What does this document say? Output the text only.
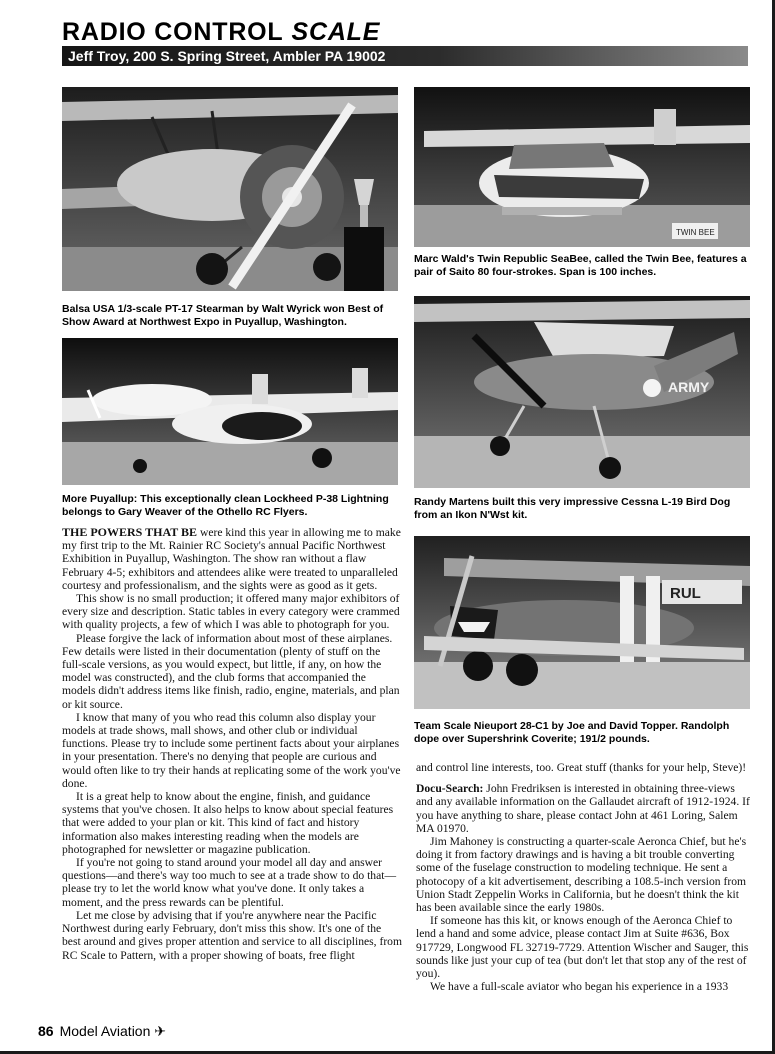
RADIO CONTROL SCALE
Jeff Troy, 200 S. Spring Street, Ambler PA 19002
TWIN BEE
ARMY
RUL
Balsa USA 1/3-scale PT-17 Stearman by Walt Wyrick won Best of Show Award at Northwest Expo in Puyallup, Washington.
Marc Wald's Twin Republic SeaBee, called the Twin Bee, features a pair of Saito 80 four-strokes. Span is 100 inches.
More Puyallup: This exceptionally clean Lockheed P-38 Lightning belongs to Gary Weaver of the Othello RC Flyers.
Randy Martens built this very impressive Cessna L-19 Bird Dog from an Ikon N'Wst kit.
Team Scale Nieuport 28-C1 by Joe and David Topper. Randolph dope over Supershrink Coverite; 191/2 pounds.

THE POWERS THAT BE were kind this year in allowing me to make my first trip to the Mt. Rainier RC Society's annual Pacific Northwest Exhibition in Puyallup, Washington. The show ran without a flaw February 4-5; exhibitors and attendees alike were treated to unparalleled courtesy and professionalism, and the sights were as good as it gets.

This show is no small production; it offered many major exhibitors of every size and description. Static tables in every category were crammed with quality projects, a few of which I was able to photograph for you.

Please forgive the lack of information about most of these airplanes. Few details were listed in their documentation (plenty of stuff on the full-scale versions, as you would expect, but little, if any, on how the model was constructed), and the club forms that accompanied the models didn't address items like finish, radio, engine, materials, and plan or kit source.

I know that many of you who read this column also display your models at trade shows, mall shows, and other club or individual functions. Please try to include some pertinent facts about your airplanes in your presentation. There's no denying that people are curious and would often like to try their hands at replicating some of the work you've done.

It is a great help to know about the engine, finish, and guidance systems that you've chosen. It also helps to know about special features that were added to your plan or kit. This kind of fact and history information also makes interesting reading when the models are photographed for newsletter or magazine publication.

If you're not going to stand around your model all day and answer questions—and there's way too much to see at a trade show to do that—please try to let the world know what you've done. It only takes a moment, and the press rewards can be plentiful.

Let me close by advising that if you're anywhere near the Pacific Northwest during early February, don't miss this show. It's one of the best around and gives proper attention and service to all disciplines, from RC Scale to Pattern, with a proper showing of boats, free flight

and control line interests, too. Great stuff (thanks for your help, Steve)!

Docu-Search: John Fredriksen is interested in obtaining three-views and any available information on the Gallaudet aircraft of 1912-1924. If you have anything to share, please contact John at 461 Loring, Salem MA 01970.

Jim Mahoney is constructing a quarter-scale Aeronca Chief, but he's doing it from factory drawings and is having a bit trouble converting some of the fuselage construction to modeling technique. He sent a photocopy of a kit advertisement, describing a 108.5-inch version from Union Stadt Zeppelin Works in California, but he doesn't think the kit has been available since the early 1980s.

If someone has this kit, or knows enough of the Aeronca Chief to lend a hand and some advice, please contact Jim at Suite #636, Box 917729, Longwood FL 32719-7729. Attention Wischer and Sauger, this sounds like just your cup of tea (but don't let that stop any of the rest of you).

We have a full-scale aviator who began his experience in a 1933

86 Model Aviation ✈
